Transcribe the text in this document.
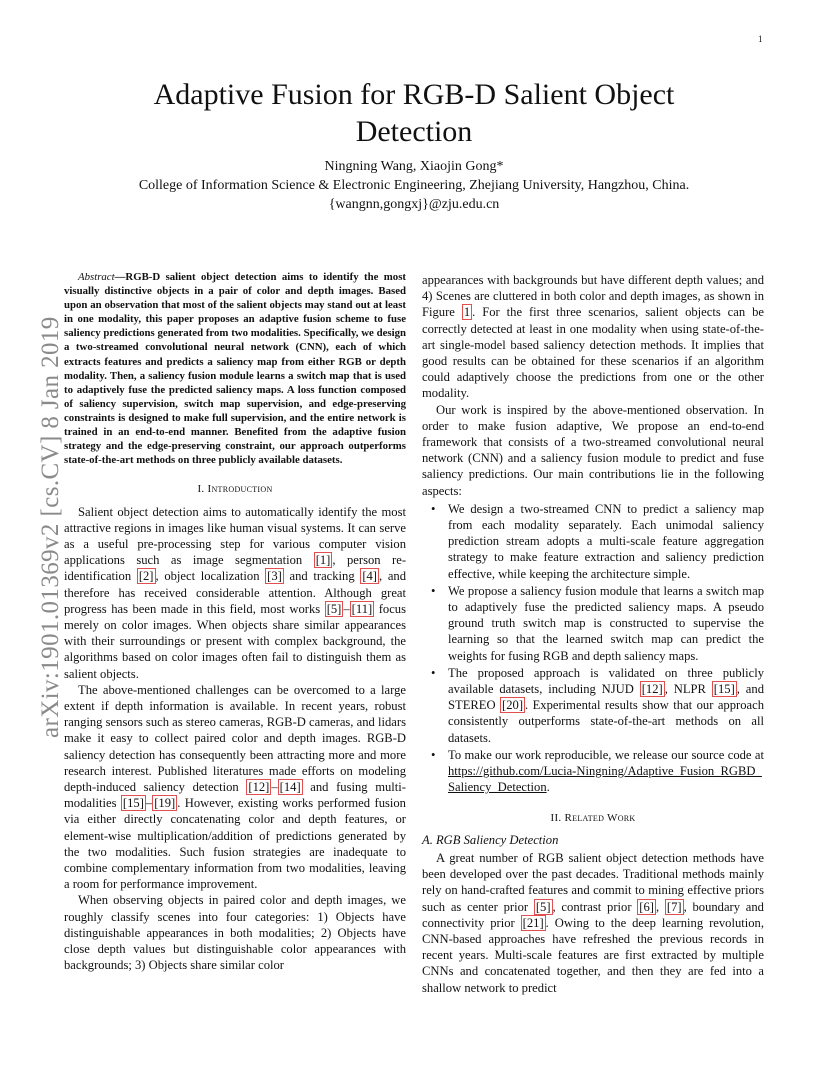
1
arXiv:1901.01369v2 [cs.CV] 8 Jan 2019
Adaptive Fusion for RGB-D Salient Object Detection
Ningning Wang, Xiaojin Gong*
College of Information Science & Electronic Engineering, Zhejiang University, Hangzhou, China.
{wangnn,gongxj}@zju.edu.cn

Abstract—RGB-D salient object detection aims to identify the most visually distinctive objects in a pair of color and depth images. Based upon an observation that most of the salient objects may stand out at least in one modality, this paper proposes an adaptive fusion scheme to fuse saliency predictions generated from two modalities. Specifically, we design a two-streamed convolutional neural network (CNN), each of which extracts features and predicts a saliency map from either RGB or depth modality. Then, a saliency fusion module learns a switch map that is used to adaptively fuse the predicted saliency maps. A loss function composed of saliency supervision, switch map supervision, and edge-preserving constraints is designed to make full supervision, and the entire network is trained in an end-to-end manner. Benefited from the adaptive fusion strategy and the edge-preserving constraint, our approach outperforms state-of-the-art methods on three publicly available datasets.

I. Introduction

Salient object detection aims to automatically identify the most attractive regions in images like human visual systems. It can serve as a useful pre-processing step for various computer vision applications such as image segmentation [1] , person re-identification [2] , object localization [3] and tracking [4] , and therefore has received considerable attention. Although great progress has been made in this field, most works [5] – [11] focus merely on color images. When objects share similar appearances with their surroundings or present with complex background, the algorithms based on color images often fail to distinguish them as salient objects.

The above-mentioned challenges can be overcomed to a large extent if depth information is available. In recent years, robust ranging sensors such as stereo cameras, RGB-D cameras, and lidars make it easy to collect paired color and depth images. RGB-D saliency detection has consequently been attracting more and more research interest. Published literatures made efforts on modeling depth-induced saliency detection [12] – [14] and fusing multi-modalities [15] – [19] . However, existing works performed fusion via either directly concatenating color and depth features, or element-wise multiplication/addition of predictions generated by the two modalities. Such fusion strategies are inadequate to combine complementary information from two modalities, leaving a room for performance improvement.

When observing objects in paired color and depth images, we roughly classify scenes into four categories: 1) Objects have distinguishable appearances in both modalities; 2) Objects have close depth values but distinguishable color appearances with backgrounds; 3) Objects share similar color

appearances with backgrounds but have different depth values; and 4) Scenes are cluttered in both color and depth images, as shown in Figure 1 . For the first three scenarios, salient objects can be correctly detected at least in one modality when using state-of-the-art single-model based saliency detection methods. It implies that good results can be obtained for these scenarios if an algorithm could adaptively choose the predictions from one or the other modality.

Our work is inspired by the above-mentioned observation. In order to make fusion adaptive, We propose an end-to-end framework that consists of a two-streamed convolutional neural network (CNN) and a saliency fusion module to predict and fuse saliency predictions. Our main contributions lie in the following aspects:

• We design a two-streamed CNN to predict a saliency map from each modality separately. Each unimodal saliency prediction stream adopts a multi-scale feature aggregation strategy to make feature extraction and saliency prediction effective, while keeping the architecture simple.
• We propose a saliency fusion module that learns a switch map to adaptively fuse the predicted saliency maps. A pseudo ground truth switch map is constructed to supervise the learning so that the learned switch map can predict the weights for fusing RGB and depth saliency maps.
• The proposed approach is validated on three publicly available datasets, including NJUD [12] , NLPR [15] , and STEREO [20] . Experimental results show that our approach consistently outperforms state-of-the-art methods on all datasets.
• To make our work reproducible, we release our source code at https://github.com/Lucia-Ningning/Adaptive_Fusion_RGBD_Saliency_Detection.
II. Related Work
A. RGB Saliency Detection

A great number of RGB salient object detection methods have been developed over the past decades. Traditional methods mainly rely on hand-crafted features and commit to mining effective priors such as center prior [5] , contrast prior [6] , [7] , boundary and connectivity prior [21] . Owing to the deep learning revolution, CNN-based approaches have refreshed the previous records in recent years. Multi-scale features are first extracted by multiple CNNs and concatenated together, and then they are fed into a shallow network to predict
